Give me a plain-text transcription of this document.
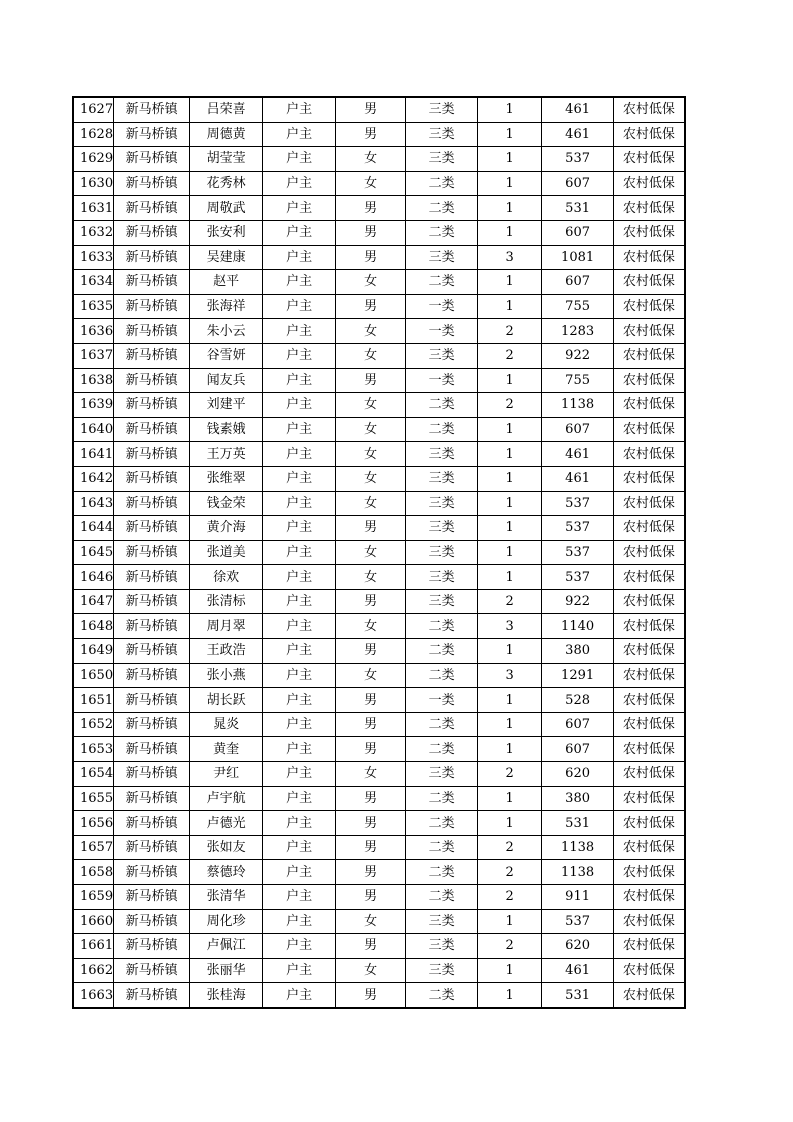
1627	新马桥镇	吕荣喜	户主	男	三类	1	461	农村低保
1628	新马桥镇	周德黄	户主	男	三类	1	461	农村低保
1629	新马桥镇	胡莹莹	户主	女	三类	1	537	农村低保
1630	新马桥镇	花秀林	户主	女	二类	1	607	农村低保
1631	新马桥镇	周敬武	户主	男	二类	1	531	农村低保
1632	新马桥镇	张安利	户主	男	二类	1	607	农村低保
1633	新马桥镇	吴建康	户主	男	三类	3	1081	农村低保
1634	新马桥镇	赵平	户主	女	二类	1	607	农村低保
1635	新马桥镇	张海祥	户主	男	一类	1	755	农村低保
1636	新马桥镇	朱小云	户主	女	一类	2	1283	农村低保
1637	新马桥镇	谷雪妍	户主	女	三类	2	922	农村低保
1638	新马桥镇	闻友兵	户主	男	一类	1	755	农村低保
1639	新马桥镇	刘建平	户主	女	二类	2	1138	农村低保
1640	新马桥镇	钱素娥	户主	女	二类	1	607	农村低保
1641	新马桥镇	王万英	户主	女	三类	1	461	农村低保
1642	新马桥镇	张维翠	户主	女	三类	1	461	农村低保
1643	新马桥镇	钱金荣	户主	女	三类	1	537	农村低保
1644	新马桥镇	黄介海	户主	男	三类	1	537	农村低保
1645	新马桥镇	张道美	户主	女	三类	1	537	农村低保
1646	新马桥镇	徐欢	户主	女	三类	1	537	农村低保
1647	新马桥镇	张清标	户主	男	三类	2	922	农村低保
1648	新马桥镇	周月翠	户主	女	二类	3	1140	农村低保
1649	新马桥镇	王政浩	户主	男	二类	1	380	农村低保
1650	新马桥镇	张小燕	户主	女	二类	3	1291	农村低保
1651	新马桥镇	胡长跃	户主	男	一类	1	528	农村低保
1652	新马桥镇	晁炎	户主	男	二类	1	607	农村低保
1653	新马桥镇	黄奎	户主	男	二类	1	607	农村低保
1654	新马桥镇	尹红	户主	女	三类	2	620	农村低保
1655	新马桥镇	卢宇航	户主	男	二类	1	380	农村低保
1656	新马桥镇	卢德光	户主	男	二类	1	531	农村低保
1657	新马桥镇	张如友	户主	男	二类	2	1138	农村低保
1658	新马桥镇	蔡德玲	户主	男	二类	2	1138	农村低保
1659	新马桥镇	张清华	户主	男	二类	2	911	农村低保
1660	新马桥镇	周化珍	户主	女	三类	1	537	农村低保
1661	新马桥镇	卢佩江	户主	男	三类	2	620	农村低保
1662	新马桥镇	张丽华	户主	女	三类	1	461	农村低保
1663	新马桥镇	张桂海	户主	男	二类	1	531	农村低保
